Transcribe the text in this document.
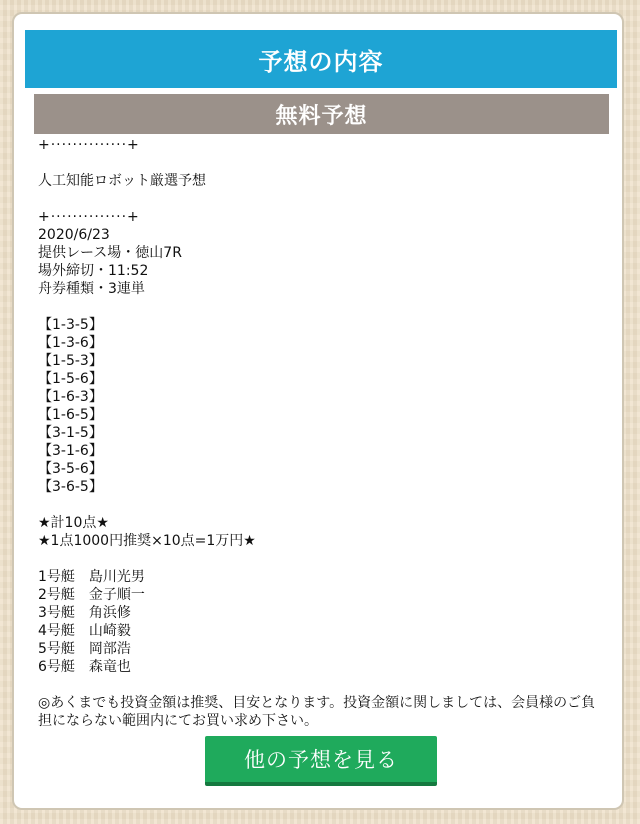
予想の内容
無料予想
+··············+
人工知能ロボット厳選予想
+··············+
2020/6/23
提供レース場・徳山7R
場外締切・11:52
舟券種類・3連単
【1-3-5】
【1-3-6】
【1-5-3】
【1-5-6】
【1-6-3】
【1-6-5】
【3-1-5】
【3-1-6】
【3-5-6】
【3-6-5】
★計10点★
★1点1000円推奨×10点=1万円★
1号艇　島川光男
2号艇　金子順一
3号艇　角浜修
4号艇　山崎毅
5号艇　岡部浩
6号艇　森竜也
◎あくまでも投資金額は推奨、目安となります。投資金額に関しましては、会員様のご負担にならない範囲内にてお買い求め下さい。
他の予想を見る
